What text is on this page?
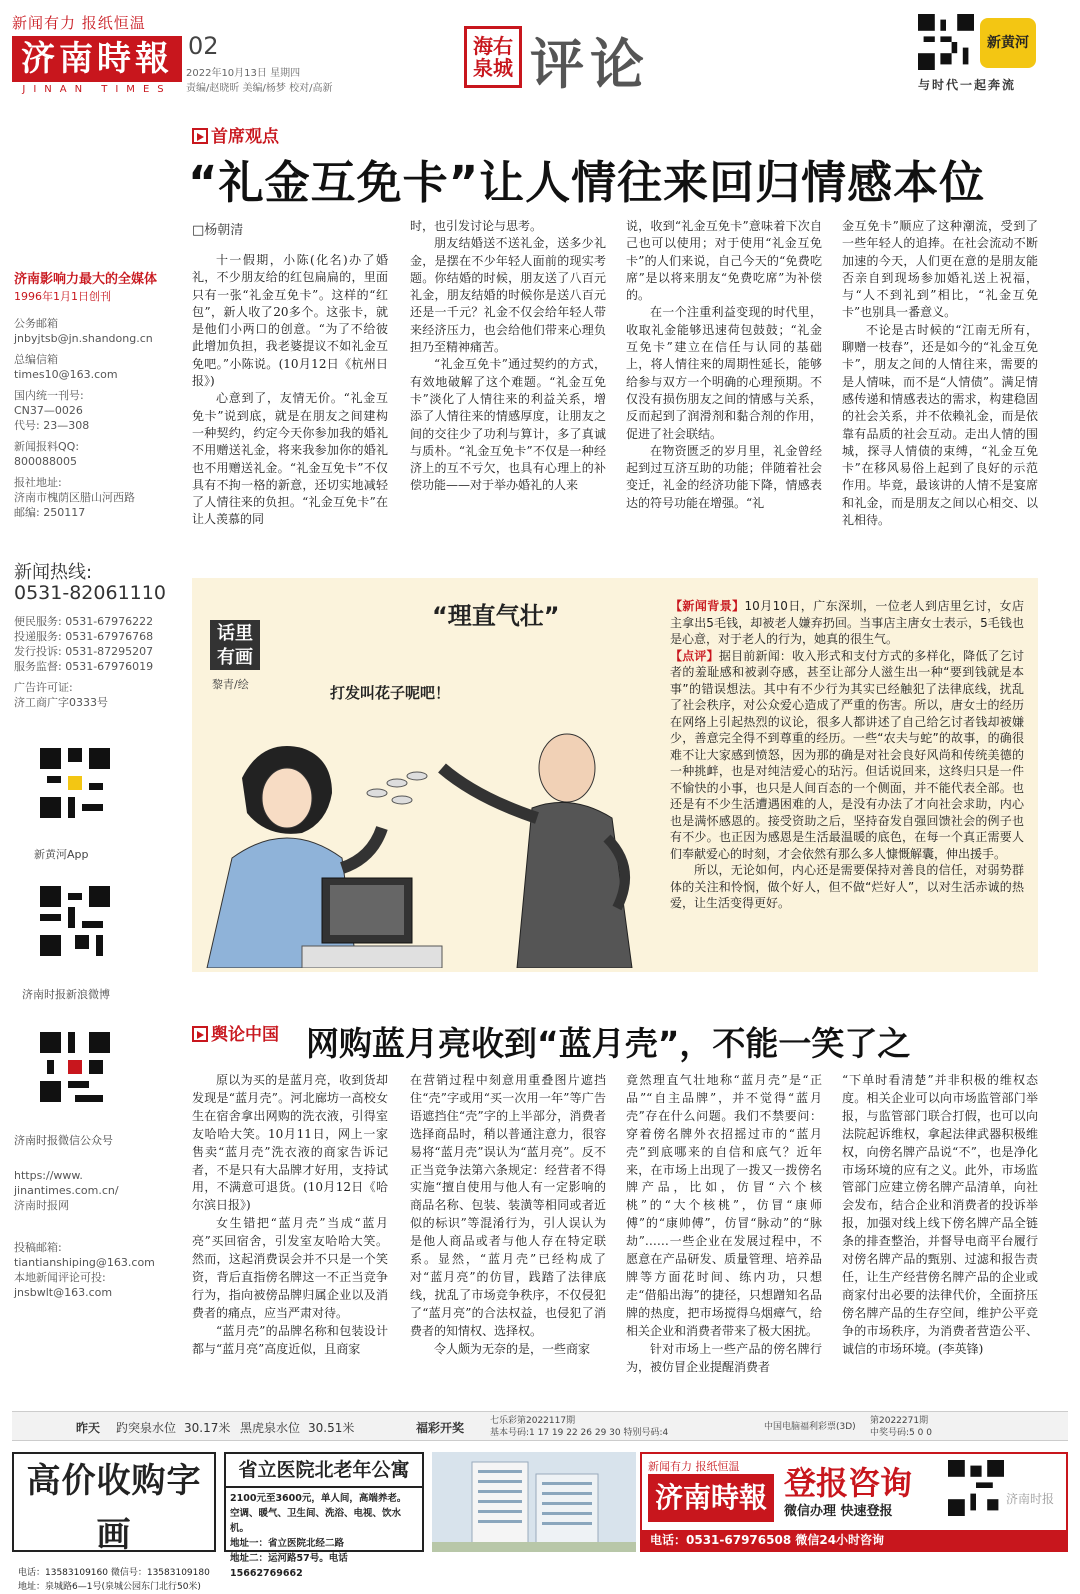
新闻有力 报纸恒温
济南時報
JINAN TIMES
02
2022年10月13日 星期四
责编/赵晓昕 美编/杨梦 校对/高新
海右 泉城 评论	新黄河
与时代一起奔流
济南影响力最大的全媒体
1996年1月1日创刊
公务邮箱
jnbyjtsb@jn.shandong.cn
总编信箱
times10@163.com
国内统一刊号:
CN37—0026
代号: 23—308
新闻报料QQ:
800088005
报社地址:
济南市槐荫区腊山河西路
邮编: 250117
新闻热线:
0531-82061110
便民服务: 0531-67976222
投递服务: 0531-67976768
发行投诉: 0531-87295207
服务监督: 0531-67976019
广告许可证:
济工商广字0333号
新黄河App
济南时报新浪微博
济南时报微信公众号
https://www.
jinantimes.com.cn/
济南时报网
投稿邮箱:
tiantianshiping@163.com
本地新闻评论可投:
jnsbwlt@163.com
首席观点
“礼金互免卡”让人情往来回归情感本位
□杨朝清

十一假期，小陈(化名)办了婚礼，不少朋友给的红包扁扁的，里面只有一张“礼金互免卡”。这样的“红包”，新人收了20多个。这张卡，就是他们小两口的创意。“为了不给彼此增加负担，我老婆提议不如礼金互免吧。”小陈说。(10月12日《杭州日报》)

心意到了，友情无价。“礼金互免卡”说到底，就是在朋友之间建构一种契约，约定今天你参加我的婚礼不用赠送礼金，将来我参加你的婚礼也不用赠送礼金。“礼金互免卡”不仅具有不拘一格的新意，还切实地减轻了人情往来的负担。“礼金互免卡”在让人羡慕的同

时，也引发讨论与思考。

朋友结婚送不送礼金，送多少礼金，是摆在不少年轻人面前的现实考题。你结婚的时候，朋友送了八百元礼金，朋友结婚的时候你是送八百元还是一千元？礼金不仅会给年轻人带来经济压力，也会给他们带来心理负担乃至精神痛苦。

“礼金互免卡”通过契约的方式，有效地破解了这个难题。“礼金互免卡”淡化了人情往来的利益关系，增添了人情往来的情感厚度，让朋友之间的交往少了功利与算计，多了真诚与质朴。“礼金互免卡”不仅是一种经济上的互不亏欠，也具有心理上的补偿功能——对于举办婚礼的人来

说，收到“礼金互免卡”意味着下次自己也可以使用；对于使用“礼金互免卡”的人们来说，自己今天的“免费吃席”是以将来朋友“免费吃席”为补偿的。

在一个注重利益变现的时代里，收取礼金能够迅速荷包鼓鼓；“礼金互免卡”建立在信任与认同的基础上，将人情往来的周期性延长，能够给参与双方一个明确的心理预期。不仅没有损伤朋友之间的情感与关系，反而起到了润滑剂和黏合剂的作用，促进了社会联结。

在物资匮乏的岁月里，礼金曾经起到过互济互助的功能；伴随着社会变迁，礼金的经济功能下降，情感表达的符号功能在增强。“礼

金互免卡”顺应了这种潮流，受到了一些年轻人的追捧。在社会流动不断加速的今天，人们更在意的是朋友能否亲自到现场参加婚礼送上祝福，与“人不到礼到”相比，“礼金互免卡”也别具一番意义。

不论是古时候的“江南无所有，聊赠一枝春”，还是如今的“礼金互免卡”，朋友之间的人情往来，需要的是人情味，而不是“人情债”。满足情感传递和情感表达的需求，构建稳固的社会关系，并不依赖礼金，而是依靠有品质的社会互动。走出人情的围城，探寻人情债的束缚，“礼金互免卡”在移风易俗上起到了良好的示范作用。毕竟，最该讲的人情不是宴席和礼金，而是朋友之间以心相交、以礼相待。

“理直气壮”
话里有画
黎青/绘	打发叫花子呢吧！

【新闻背景】10月10日，广东深圳，一位老人到店里乞讨，女店主拿出5毛钱，却被老人嫌弃扔回。当事店主唐女士表示，5毛钱也是心意，对于老人的行为，她真的很生气。

【点评】据目前新闻：收入形式和支付方式的多样化，降低了乞讨者的羞耻感和被剥夺感，甚至让部分人滋生出一种“要到钱就是本事”的错误想法。其中有不少行为其实已经触犯了法律底线，扰乱了社会秩序，对公众爱心造成了严重的伤害。所以，唐女士的经历在网络上引起热烈的议论，很多人都讲述了自己给乞讨者钱却被嫌少，善意完全得不到尊重的经历。一些“农夫与蛇”的故事，的确很难不让大家感到愤怒，因为那的确是对社会良好风尚和传统美德的一种挑衅，也是对纯洁爱心的玷污。但话说回来，这终归只是一件不愉快的小事，也只是人间百态的一个侧面，并不能代表全部。也还是有不少生活遭遇困难的人，是没有办法了才向社会求助，内心也是满怀感恩的。接受资助之后，坚持奋发自强回馈社会的例子也有不少。也正因为感恩是生活最温暖的底色，在每一个真正需要人们奉献爱心的时刻，才会依然有那么多人慷慨解囊，伸出援手。

所以，无论如何，内心还是需要保持对善良的信任，对弱势群体的关注和怜悯，做个好人，但不做“烂好人”，以对生活赤诚的热爱，让生活变得更好。

舆论中国 网购蓝月亮收到“蓝月壳”，不能一笑了之

原以为买的是蓝月亮，收到货却发现是“蓝月壳”。河北廊坊一高校女生在宿舍拿出网购的洗衣液，引得室友哈哈大笑。10月11日，网上一家售卖“蓝月壳”洗衣液的商家告诉记者，不是只有大品牌才好用，支持试用，不满意可退货。(10月12日《哈尔滨日报》)

女生错把“蓝月壳”当成“蓝月亮”买回宿舍，引发室友哈哈大笑。然而，这起消费误会并不只是一个笑资，背后直指傍名牌这一不正当竞争行为，指向被傍品牌归属企业以及消费者的痛点，应当严肃对待。

“蓝月壳”的品牌名称和包装设计都与“蓝月亮”高度近似，且商家

在营销过程中刻意用重叠图片遮挡住“壳”字或用“买一次用一年”等广告语遮挡住“壳”字的上半部分，消费者选择商品时，稍以普通注意力，很容易将“蓝月壳”误认为“蓝月亮”。反不正当竞争法第六条规定：经营者不得实施“擅自使用与他人有一定影响的商品名称、包装、装潢等相同或者近似的标识”等混淆行为，引人误认为是他人商品或者与他人存在特定联系。显然，“蓝月壳”已经构成了对“蓝月亮”的仿冒，践踏了法律底线，扰乱了市场竞争秩序，不仅侵犯了“蓝月亮”的合法权益，也侵犯了消费者的知情权、选择权。

令人颇为无奈的是，一些商家

竟然理直气壮地称“蓝月壳”是“正品”“自主品牌”，并不觉得“蓝月壳”存在什么问题。我们不禁要问：穿着傍名牌外衣招摇过市的“蓝月壳”到底哪来的自信和底气？近年来，在市场上出现了一拨又一拨傍名牌产品，比如，仿冒“六个核桃”的“大个核桃”，仿冒“康师傅”的“康帅傅”，仿冒“脉动”的“脉劫”……一些企业在发展过程中，不愿意在产品研发、质量管理、培养品牌等方面花时间、练内功，只想走“借船出海”的捷径，只想蹭知名品牌的热度，把市场搅得乌烟瘴气，给相关企业和消费者带来了极大困扰。

针对市场上一些产品的傍名牌行为，被仿冒企业提醒消费者

“下单时看清楚”并非积极的维权态度。相关企业可以向市场监管部门举报，与监管部门联合打假，也可以向法院起诉维权，拿起法律武器积极维权，向傍名牌产品说“不”，也是净化市场环境的应有之义。此外，市场监管部门应建立傍名牌产品清单，向社会发布，结合企业和消费者的投诉举报，加强对线上线下傍名牌产品全链条的排查整治，并督导电商平台履行对傍名牌产品的甄别、过滤和报告责任，让生产经营傍名牌产品的企业或商家付出必要的法律代价，全面挤压傍名牌产品的生存空间，维护公平竞争的市场秩序，为消费者营造公平、诚信的市场环境。(李英锋)

昨天 趵突泉水位 30.17米 黑虎泉水位 30.51米	福彩开奖	七乐彩第2022117期
基本号码:1 17 19 22 26 29 30 特别号码:4
中国电脑福利彩票(3D)
第2022271期
中奖号码:5 0 0
高价收购字画
电话：13583109160 微信号：13583109180
地址：泉城路6—1号(泉城公园东门北行50米)
省立医院北老年公寓
2100元至3600元，单人间，高端养老。
空调、暖气、卫生间、洗浴、电视、饮水机。
地址一：省立医院北经二路
地址二：运河路57号。电话 15662769662
新闻有力 报纸恒温
济南時報 登报咨询
微信办理 快速登报
济南时报
电话：0531-67976508 微信24小时咨询
